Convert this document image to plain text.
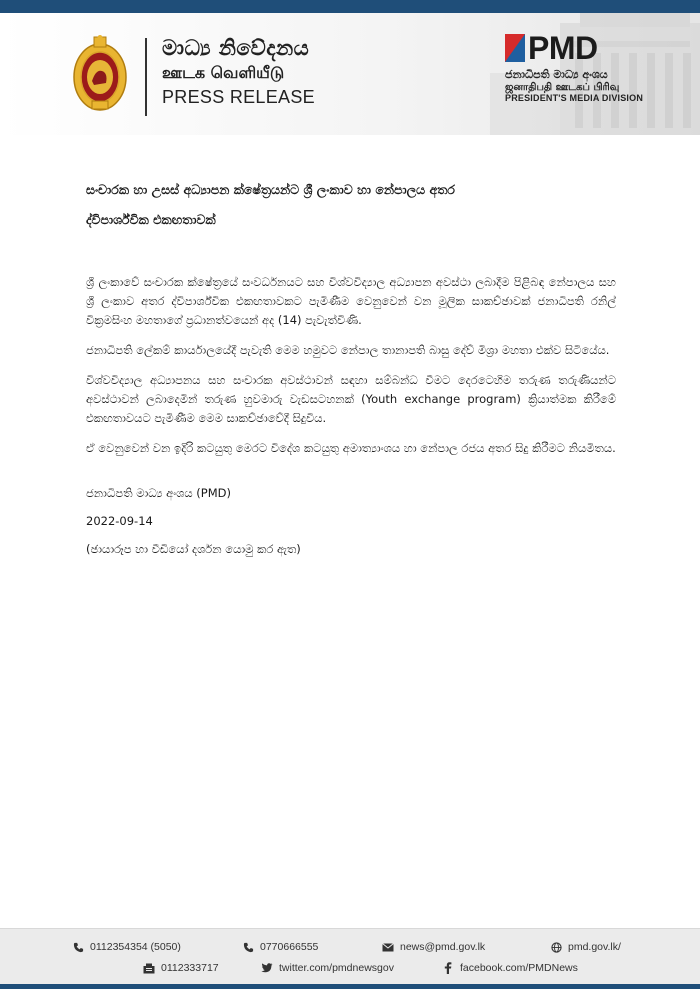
මාධ්‍ය නිවේදනය
ஊடக வெளியீடு
PRESS RELEASE
PMD
ජනාධිපති මාධ්‍ය අංශය
ஜனாதிபதி ஊடகப் பிரிவு
PRESIDENT'S MEDIA DIVISION
සංචාරක හා උසස් අධ්‍යාපන ක්ෂේත්‍රයන්ට ශ්‍රී ලංකාව හා නේපාලය අතර
ද්විපාර්ශ්වික එකඟතාවක්

ශ්‍රී ලංකාවේ සංචාරක ක්ෂේත්‍රයේ සංවර්ධනයට සහ විශ්වවිද්‍යාල අධ්‍යාපන අවස්ථා ලබාදීම පිළිබඳ නේපාලය සහ ශ්‍රී ලංකාව අතර ද්විපාර්ශ්වික එකඟතාවකට පැමිණීම වෙනුවෙන් වන මූලික සාකච්ඡාවක් ජනාධිපති රනිල් වික්‍රමසිංහ මහතාගේ ප්‍රධානත්වයෙන් අද (14) පැවැත්විණි.

ජනාධිපති ලේකම් කාර්යාලයේදී පැවැති මෙම හමුවට නේපාල තානාපති බාසු දේව් මිශ්‍රා මහතා එක්ව සිටියේය.

විශ්වවිද්‍යාල අධ්‍යාපනය සහ සංචාරක අවස්ථාවන් සඳහා සම්බන්ධ වීමට දෙරටෙහිම තරුණ තරුණියන්ට අවස්ථාවන් ලබාදෙමින් තරුණ හුවමාරු වැඩසටහනක් (Youth exchange program) ක්‍රියාත්මක කිරීමේ එකඟතාවයට පැමිණීම මෙම සාකච්ඡාවේදී සිදුවිය.

ඒ වෙනුවෙන් වන ඉදිරි කටයුතු මෙරට විදේශ කටයුතු අමාත්‍යාංශය හා නේපාල රජය අතර සිදු කිරීමට නියමිතය.

ජනාධිපති මාධ්‍ය අංශය (PMD)
2022-09-14
(ඡායාරූප හා වීඩියෝ දර්ශන යොමු කර ඇත)
0112354354 (5050)	0770666555	news@pmd.gov.lk	pmd.gov.lk/
0112333717	twitter.com/pmdnewsgov	facebook.com/PMDNews
